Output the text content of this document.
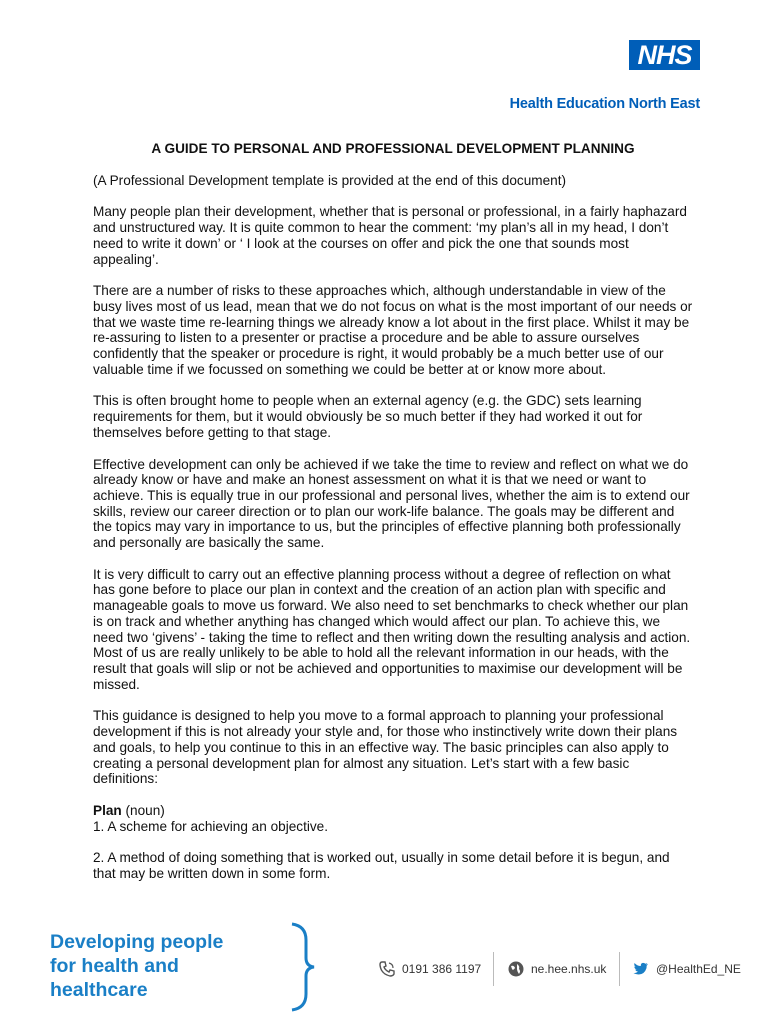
NHS
Health Education North East
A GUIDE TO PERSONAL AND PROFESSIONAL DEVELOPMENT PLANNING

(A Professional Development template is provided at the end of this document)

Many people plan their development, whether that is personal or professional, in a fairly haphazard and unstructured way. It is quite common to hear the comment: ‘my plan’s all in my head, I don’t need to write it down’ or ‘ I look at the courses on offer and pick the one that sounds most appealing’.

There are a number of risks to these approaches which, although understandable in view of the busy lives most of us lead, mean that we do not focus on what is the most important of our needs or that we waste time re-learning things we already know a lot about in the first place. Whilst it may be re-assuring to listen to a presenter or practise a procedure and be able to assure ourselves confidently that the speaker or procedure is right, it would probably be a much better use of our valuable time if we focussed on something we could be better at or know more about.

This is often brought home to people when an external agency (e.g. the GDC) sets learning requirements for them, but it would obviously be so much better if they had worked it out for themselves before getting to that stage.

Effective development can only be achieved if we take the time to review and reflect on what we do already know or have and make an honest assessment on what it is that we need or want to achieve. This is equally true in our professional and personal lives, whether the aim is to extend our skills, review our career direction or to plan our work-life balance. The goals may be different and the topics may vary in importance to us, but the principles of effective planning both professionally and personally are basically the same.

It is very difficult to carry out an effective planning process without a degree of reflection on what has gone before to place our plan in context and the creation of an action plan with specific and manageable goals to move us forward. We also need to set benchmarks to check whether our plan is on track and whether anything has changed which would affect our plan. To achieve this, we need two ‘givens’ - taking the time to reflect and then writing down the resulting analysis and action. Most of us are really unlikely to be able to hold all the relevant information in our heads, with the result that goals will slip or not be achieved and opportunities to maximise our development will be missed.

This guidance is designed to help you move to a formal approach to planning your professional development if this is not already your style and, for those who instinctively write down their plans and goals, to help you continue to this in an effective way. The basic principles can also apply to creating a personal development plan for almost any situation. Let’s start with a few basic definitions:

Plan (noun)

1. A scheme for achieving an objective.

2. A method of doing something that is worked out, usually in some detail before it is begun, and that may be written down in some form.

Developing people
for health and
healthcare
0191 386 1197	ne.hee.nhs.uk	@HealthEd_NE
